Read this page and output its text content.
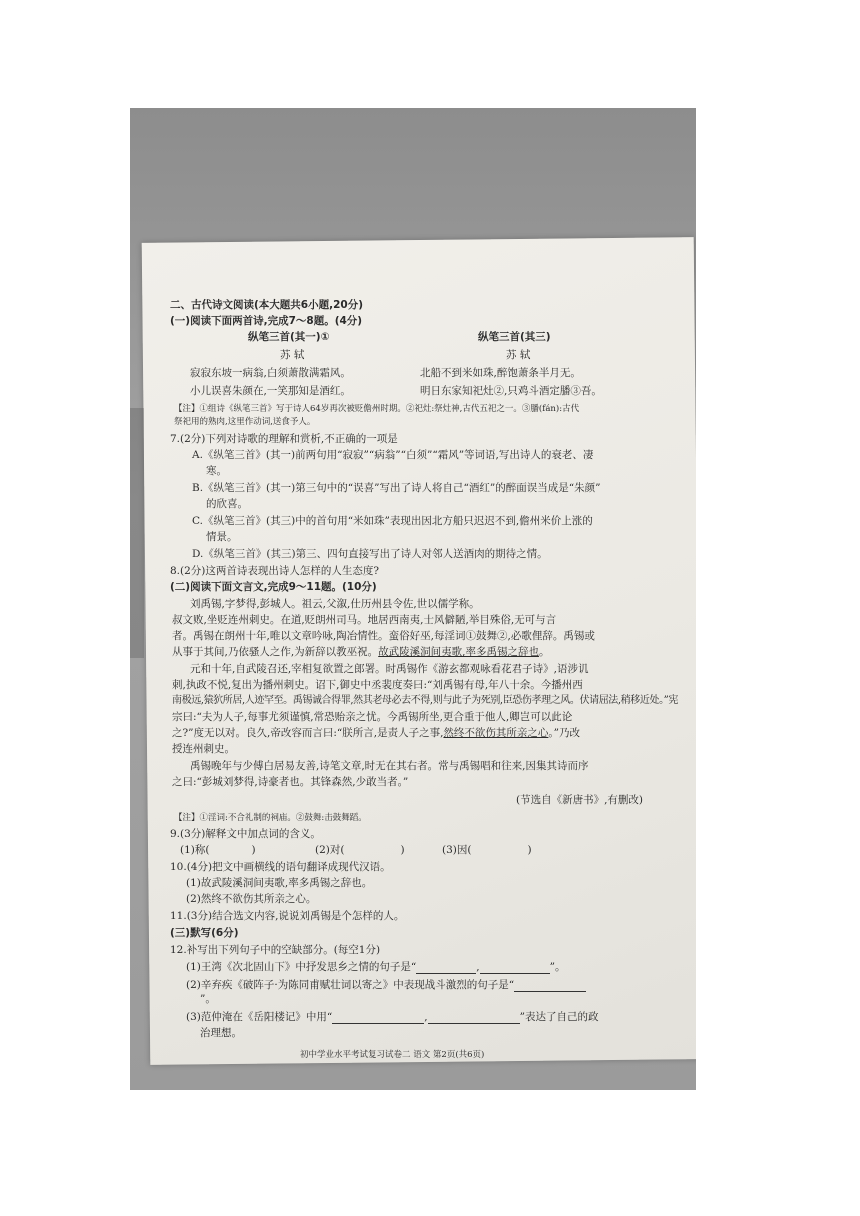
二、古代诗文阅读(本大题共6小题,20分)
(一)阅读下面两首诗,完成7～8题。(4分)
纵笔三首(其一)①	纵笔三首(其三)
苏 轼	苏 轼
寂寂东坡一病翁,白须萧散满霜风。	北船不到米如珠,醉饱萧条半月无。
小儿误喜朱颜在,一笑那知是酒红。	明日东家知祀灶②,只鸡斗酒定膰③吾。
【注】①组诗《纵笔三首》写于诗人64岁再次被贬儋州时期。②祀灶:祭灶神,古代五祀之一。③膰(fán):古代
祭祀用的熟肉,这里作动词,送食予人。
7.(2分)下列对诗歌的理解和赏析,不正确的一项是
A.《纵笔三首》(其一)前两句用“寂寂”“病翁”“白须”“霜风”等词语,写出诗人的衰老、凄
寒。
B.《纵笔三首》(其一)第三句中的“误喜”写出了诗人将自己“酒红”的醉面误当成是“朱颜”
的欣喜。
C.《纵笔三首》(其三)中的首句用“米如珠”表现出因北方船只迟迟不到,儋州米价上涨的
情景。
D.《纵笔三首》(其三)第三、四句直接写出了诗人对邻人送酒肉的期待之情。
8.(2分)这两首诗表现出诗人怎样的人生态度?
(二)阅读下面文言文,完成9～11题。(10分)
刘禹锡,字梦得,彭城人。祖云,父溆,仕历州县令佐,世以儒学称。
叔文败,坐贬连州刺史。在道,贬朗州司马。地居西南夷,士风僻陋,举目殊俗,无可与言
者。禹锡在朗州十年,唯以文章吟咏,陶冶情性。蛮俗好巫,每淫词①鼓舞②,必歌俚辞。禹锡或
从事于其间,乃依骚人之作,为新辞以教巫祝。故武陵溪洞间夷歌,率多禹锡之辞也。
元和十年,自武陵召还,宰相复欲置之郎署。时禹锡作《游玄都观咏看花君子诗》,语涉讥
刺,执政不悦,复出为播州刺史。诏下,御史中丞裴度奏曰:“刘禹锡有母,年八十余。今播州西
南极远,猿狖所居,人迹罕至。禹锡诚合得罪,然其老母必去不得,则与此子为死别,臣恐伤孝理之风。伏请屈法,稍移近处。”宪
宗曰:“夫为人子,每事尤须谨慎,常恐贻亲之忧。今禹锡所坐,更合重于他人,卿岂可以此论
之?”度无以对。良久,帝改容而言曰:“朕所言,是责人子之事,然终不欲伤其所亲之心。”乃改
授连州刺史。
禹锡晚年与少傅白居易友善,诗笔文章,时无在其右者。常与禹锡唱和往来,因集其诗而序
之曰:“彭城刘梦得,诗豪者也。其锋森然,少敢当者。”
(节选自《新唐书》,有删改)
【注】①淫词:不合礼制的祠庙。②鼓舞:击鼓舞蹈。
9.(3分)解释文中加点词的含义。
(1)称(	)	(2)对(	)	(3)因(	)
10.(4分)把文中画横线的语句翻译成现代汉语。
(1)故武陵溪洞间夷歌,率多禹锡之辞也。
(2)然终不欲伤其所亲之心。
11.(3分)结合选文内容,说说刘禹锡是个怎样的人。
(三)默写(6分)
12.补写出下列句子中的空缺部分。(每空1分)
(1)王湾《次北固山下》中抒发思乡之情的句子是“	,	”。
(2)辛弃疾《破阵子·为陈同甫赋壮词以寄之》中表现战斗激烈的句子是“
”。
(3)范仲淹在《岳阳楼记》中用“	,	”表达了自己的政
治理想。
初中学业水平考试复习试卷二 语文 第2页(共6页)
